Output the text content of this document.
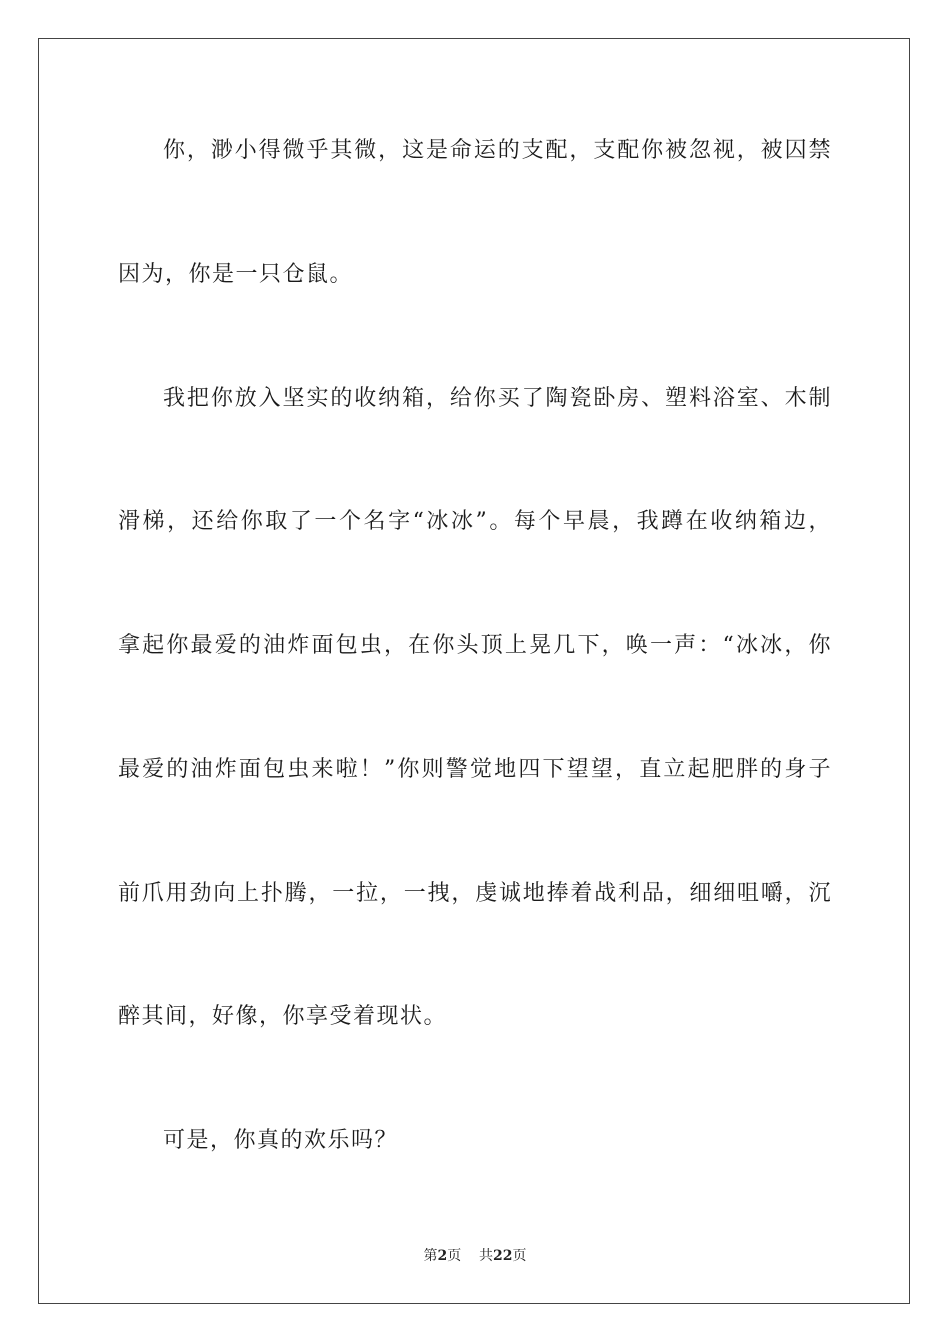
你，渺小得微乎其微，这是命运的支配，支配你被忽视，被囚禁
因为，你是一只仓鼠。
我把你放入坚实的收纳箱，给你买了陶瓷卧房、塑料浴室、木制
滑梯，还给你取了一个名字“冰冰”。每个早晨，我蹲在收纳箱边，
拿起你最爱的油炸面包虫，在你头顶上晃几下，唤一声：“冰冰，你
最爱的油炸面包虫来啦！”你则警觉地四下望望，直立起肥胖的身子
前爪用劲向上扑腾，一拉，一拽，虔诚地捧着战利品，细细咀嚼，沉
醉其间，好像，你享受着现状。
可是，你真的欢乐吗？
第2页 共22页
